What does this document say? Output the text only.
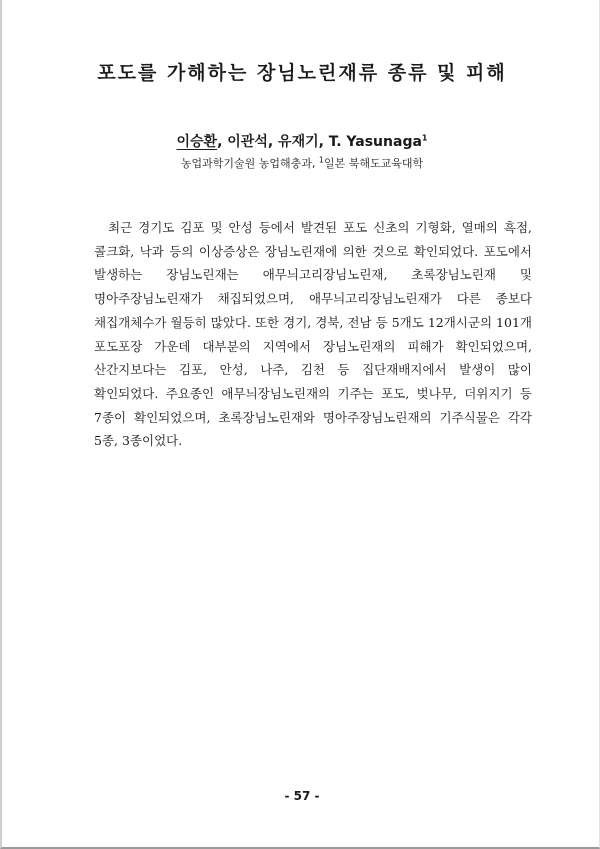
포도를 가해하는 장님노린재류 종류 및 피해
이승환, 이관석, 유재기, T. Yasunaga$^1$
농업과학기술원 농업해충과, $^1$일본 북해도교육대학

최근 경기도 김포 및 안성 등에서 발견된 포도 신초의 기형화, 열매의 흑점, 콜크화, 낙과 등의 이상증상은 장님노린재에 의한 것으로 확인되었다. 포도에서 발생하는 장님노린재는 애무늬고리장님노린재, 초록장님노린재 및 명아주장님노린재가 채집되었으며, 애무늬고리장님노린재가 다른 종보다 채집개체수가 월등히 많았다. 또한 경기, 경북, 전남 등 5개도 12개시군의 101개 포도포장 가운데 대부분의 지역에서 장님노린재의 피해가 확인되었으며, 산간지보다는 김포, 안성, 나주, 김천 등 집단재배지에서 발생이 많이 확인되었다. 주요종인 애무늬장님노린재의 기주는 포도, 벚나무, 더위지기 등 7종이 확인되었으며, 초록장님노린재와 명아주장님노린재의 기주식물은 각각 5종, 3종이었다.

- 57 -
